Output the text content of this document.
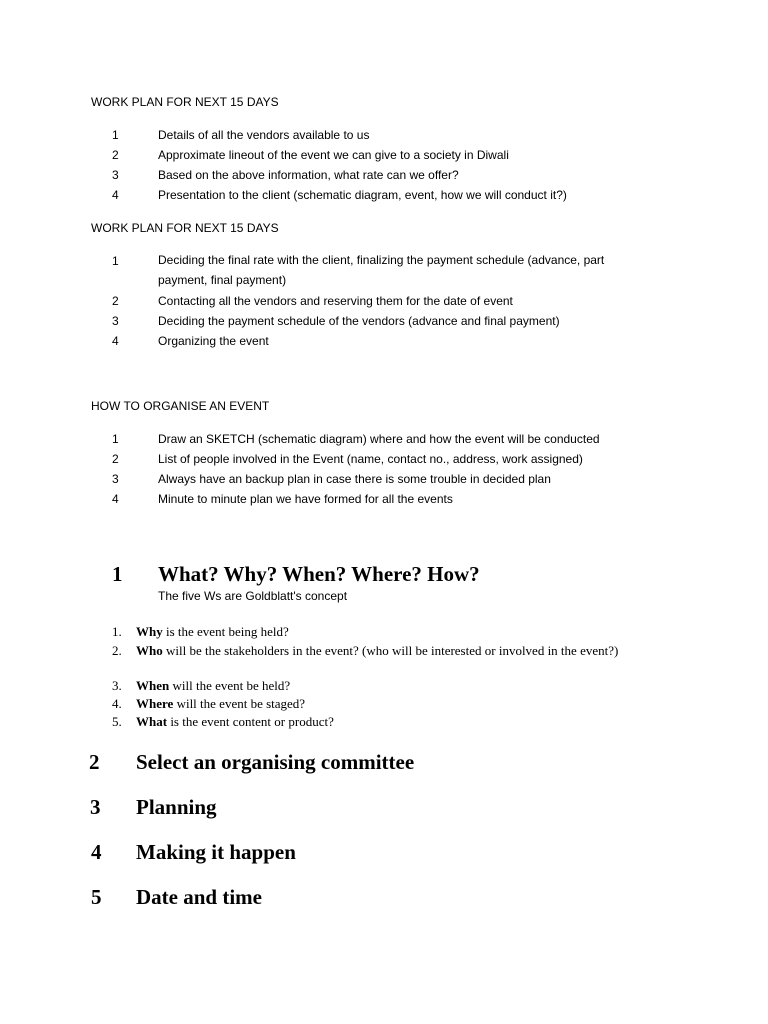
WORK PLAN FOR NEXT 15 DAYS
1	Details of all the vendors available to us
2	Approximate lineout of the event we can give to a society in Diwali
3	Based on the above information, what rate can we offer?
4	Presentation to the client (schematic diagram, event, how we will conduct it?)
WORK PLAN FOR NEXT 15 DAYS
1	Deciding the final rate with the client, finalizing the payment schedule (advance, part payment, final payment)
2	Contacting all the vendors and reserving them for the date of event
3	Deciding the payment schedule of the vendors (advance and final payment)
4	Organizing the event
HOW TO ORGANISE AN EVENT
1	Draw an SKETCH (schematic diagram) where and how the event will be conducted
2	List of people involved in the Event (name, contact no., address, work assigned)
3	Always have an backup plan in case there is some trouble in decided plan
4	Minute to minute plan we have formed for all the events
1 What? Why? When? Where? How?
The five Ws are Goldblatt's concept
1. Why is the event being held?
2. Who will be the stakeholders in the event? (who will be interested or involved in the event?)
3. When will the event be held?
4. Where will the event be staged?
5. What is the event content or product?
2 Select an organising committee
3 Planning
4 Making it happen
5 Date and time
